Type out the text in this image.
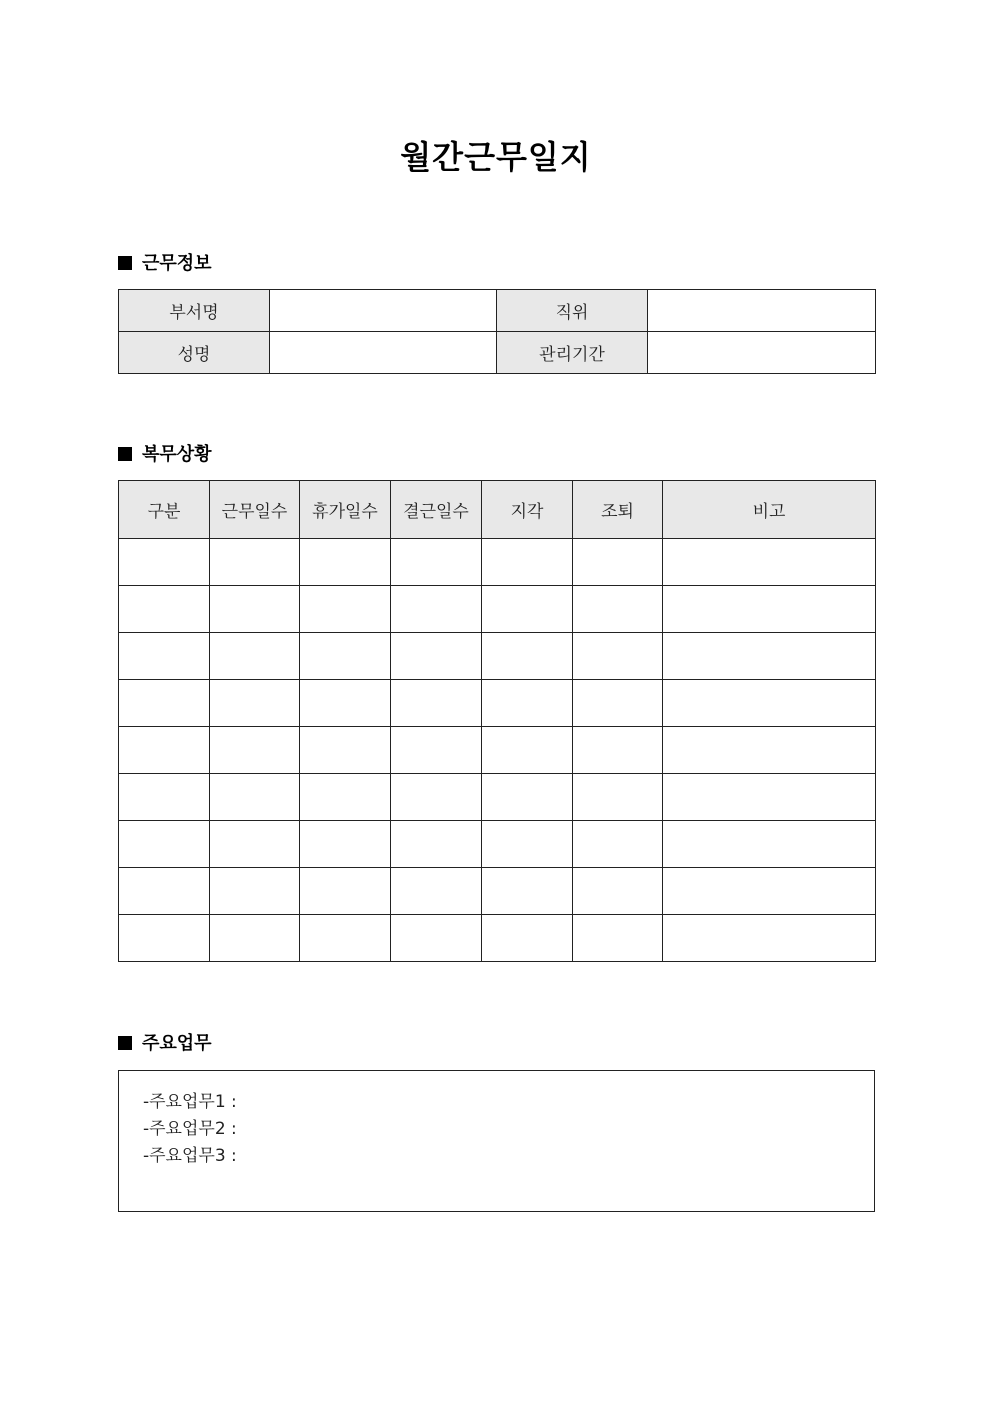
월간근무일지
근무정보
부서명		직위	
성명		관리기간	
복무상황
구분	근무일수	휴가일수	결근일수	지각	조퇴	비고

주요업무
-주요업무1 :
-주요업무2 :
-주요업무3 :
